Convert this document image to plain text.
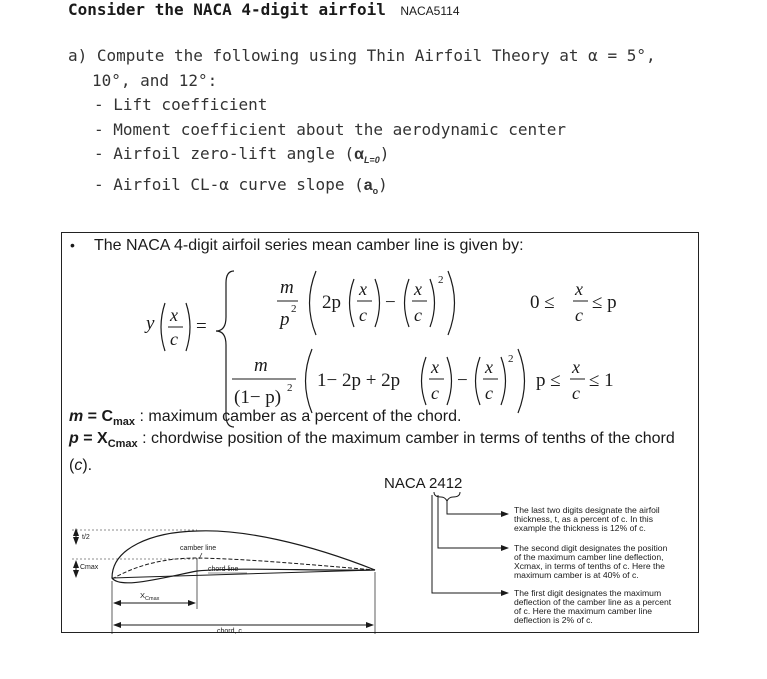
Consider the NACA 4-digit airfoil NACA5114
a) Compute the following using Thin Airfoil Theory at α = 5°,
10°, and 12°:
- Lift coefficient
- Moment coefficient about the aerodynamic center
- Airfoil zero-lift angle $(\alpha_{L=0})$
- Airfoil CL-α curve slope $(a_o)$
• The NACA 4-digit airfoil series mean camber line is given by:
y x
c
=
m
p 2 2p
x
c
−
x
c
2
0 ≤
x
c
≤ p
m
(1− p) 2 1− 2p + 2p
x
c
−
x
c
2
p ≤
x
c
≤ 1
$m = C_{max}$ : maximum camber as a percent of the chord.
$p = X_{Cmax}$ : chordwise position of the maximum camber in terms of tenths of the chord (c).
NACA 2412
The last two digits designate the airfoil thickness, t, as a percent of c. In this example the thickness is 12% of c.
The second digit designates the position of the maximum camber line deflection, Xcmax, in terms of tenths of c. Here the maximum camber is at 40% of c.
The first digit designates the maximum deflection of the camber line as a percent of c. Here the maximum camber line deflection is 2% of c.
t/2
Cmax
camber line
chord line
$X_{Cmax}$
chord, c
